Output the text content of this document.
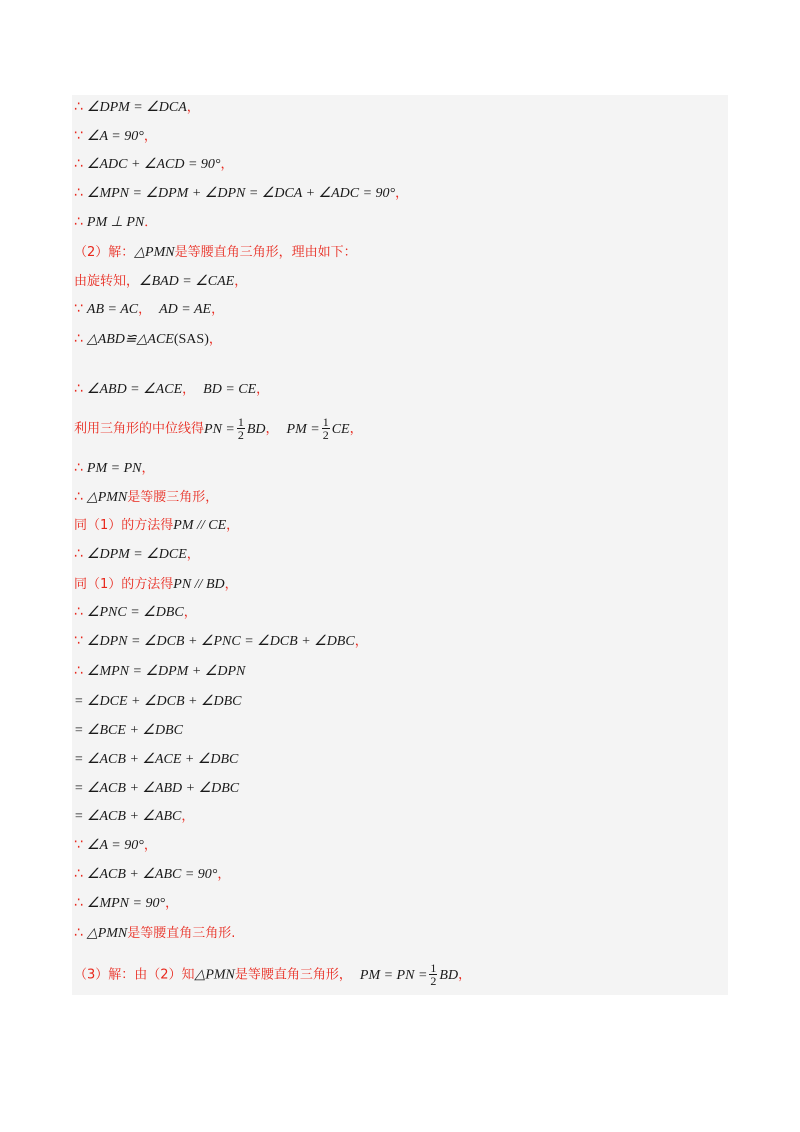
∴ ∠DPM = ∠DCA，
∵ ∠A = 90°，
∴ ∠ADC + ∠ACD = 90°，
∴ ∠MPN = ∠DPM + ∠DPN = ∠DCA + ∠ADC = 90°，
∴ PM ⊥ PN．
（2）解：△PMN是等腰直角三角形，理由如下：
由旋转知，∠BAD = ∠CAE，
∵ AB = AC， AD = AE，
∴ △ABD≌△ACE(SAS)，
∴ ∠ABD = ∠ACE， BD = CE，
利用三角形的中位线得PN = $\frac{1}{2}$ BD， PM = $\frac{1}{2}$ CE，
∴ PM = PN，
∴ △PMN是等腰三角形，
同（1）的方法得PM // CE，
∴ ∠DPM = ∠DCE，
同（1）的方法得PN // BD，
∴ ∠PNC = ∠DBC，
∵ ∠DPN = ∠DCB + ∠PNC = ∠DCB + ∠DBC，
∴ ∠MPN = ∠DPM + ∠DPN
= ∠DCE + ∠DCB + ∠DBC
= ∠BCE + ∠DBC
= ∠ACB + ∠ACE + ∠DBC
= ∠ACB + ∠ABD + ∠DBC
= ∠ACB + ∠ABC，
∵ ∠A = 90°，
∴ ∠ACB + ∠ABC = 90°，
∴ ∠MPN = 90°，
∴ △PMN是等腰直角三角形.
（3）解：由（2）知△PMN是等腰直角三角形， PM = PN = $\frac{1}{2}$ BD，
